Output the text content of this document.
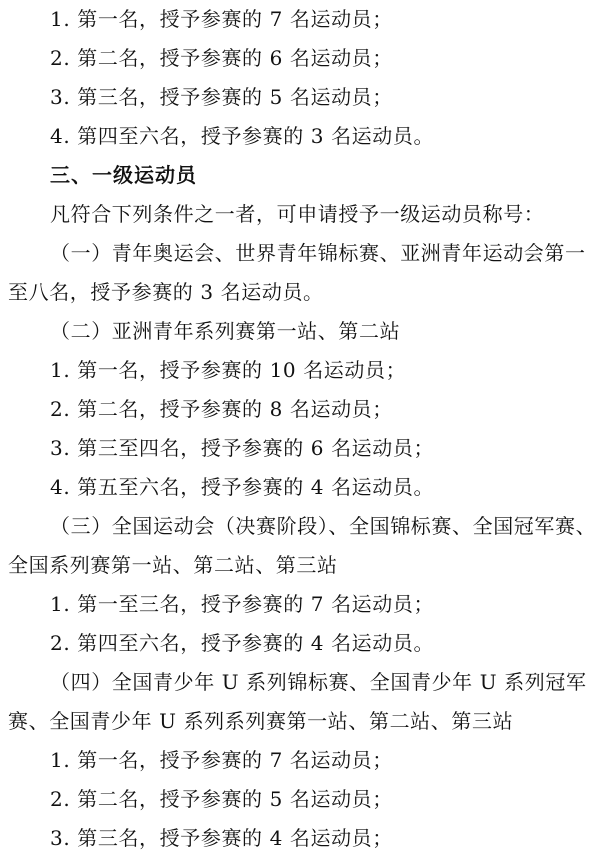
1. 第一名，授予参赛的 7 名运动员；
2. 第二名，授予参赛的 6 名运动员；
3. 第三名，授予参赛的 5 名运动员；
4. 第四至六名，授予参赛的 3 名运动员。
三、一级运动员
凡符合下列条件之一者，可申请授予一级运动员称号：
（一）青年奥运会、世界青年锦标赛、亚洲青年运动会第一
至八名，授予参赛的 3 名运动员。
（二）亚洲青年系列赛第一站、第二站
1. 第一名，授予参赛的 10 名运动员；
2. 第二名，授予参赛的 8 名运动员；
3. 第三至四名，授予参赛的 6 名运动员；
4. 第五至六名，授予参赛的 4 名运动员。
（三）全国运动会（决赛阶段）、全国锦标赛、全国冠军赛、
全国系列赛第一站、第二站、第三站
1. 第一至三名，授予参赛的 7 名运动员；
2. 第四至六名，授予参赛的 4 名运动员。
（四）全国青少年 U 系列锦标赛、全国青少年 U 系列冠军
赛、全国青少年 U 系列系列赛第一站、第二站、第三站
1. 第一名，授予参赛的 7 名运动员；
2. 第二名，授予参赛的 5 名运动员；
3. 第三名，授予参赛的 4 名运动员；
